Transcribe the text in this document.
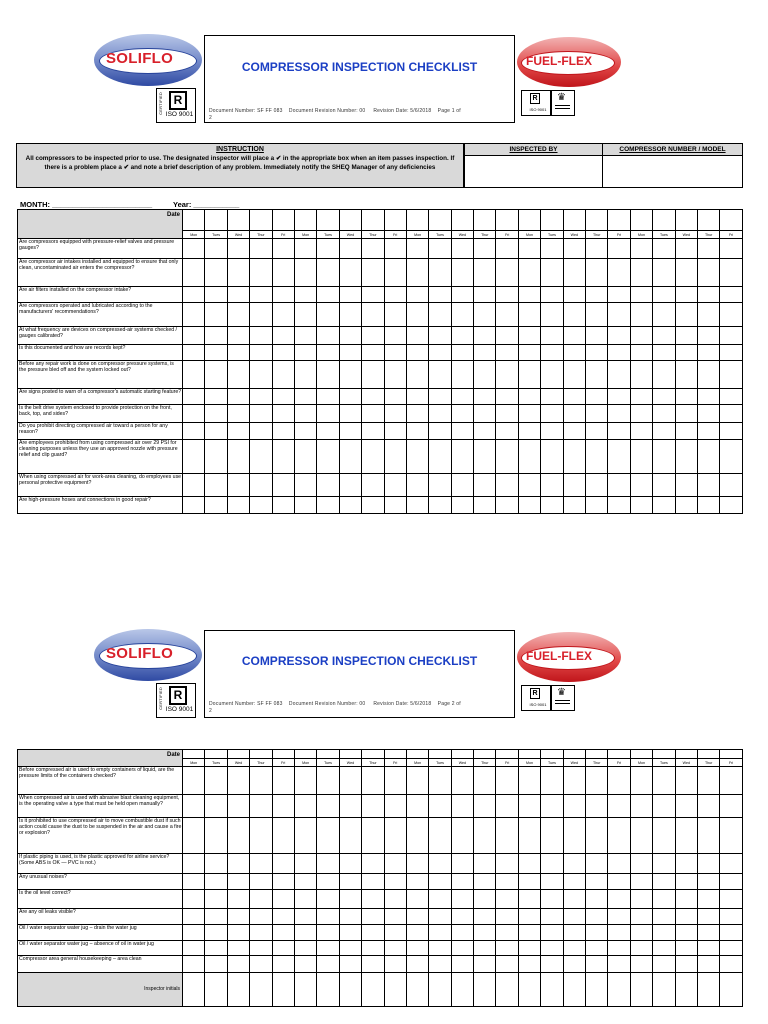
SOLIFLO
CERTIFIED R
ISO 9001
COMPRESSOR INSPECTION CHECKLIST
Document Number: SF FF 083 Document Revision Number: 00 Revision Date: 5/6/2018 Page 1 of
2
FUEL-FLEX
R
ISO 9001
♛
INSTRUCTION
All compressors to be inspected prior to use. The designated inspector will place a ✔ in the appropriate box when an item passes inspection. If there is a problem place a ✔ and note a brief description of any problem. Immediately notify the SHEQ Manager of any deficiencies
INSPECTED BY	COMPRESSOR NUMBER / MODEL
MONTH: ________________________	Year: ___________
Date																									
	Mon	Tues	Wed	Thur	Fri	Mon	Tues	Wed	Thur	Fri	Mon	Tues	Wed	Thur	Fri	Mon	Tues	Wed	Thur	Fri	Mon	Tues	Wed	Thur	Fri
Are compressors equipped with pressure-relief valves and pressure gauges?																									
Are compressor air intakes installed and equipped to ensure that only clean, uncontaminated air enters the compressor?																									
Are air filters installed on the compressor intake?																									
Are compressors operated and lubricated according to the manufacturers' recommendations?																									
At what frequency are devices on compressed-air systems checked / gauges calibrated?																									
Is this documented and how are records kept?																									
Before any repair work is done on compressor pressure systems, is the pressure bled off and the system locked out?																									
Are signs posted to warn of a compressor's automatic starting feature?																									
Is the belt drive system enclosed to provide protection on the front, back, top, and sides?																									
Do you prohibit directing compressed air toward a person for any reason?																									
Are employees prohibited from using compressed air over 29 PSI for cleaning purposes unless they use an approved nozzle with pressure relief and clip guard?																									
When using compressed air for work-area cleaning, do employees use personal protective equipment?																									
Are high-pressure hoses and connections in good repair?																									
SOLIFLO
CERTIFIED R
ISO 9001
COMPRESSOR INSPECTION CHECKLIST
Document Number: SF FF 083 Document Revision Number: 00 Revision Date: 5/6/2018 Page 2 of
2
FUEL-FLEX
R
ISO 9001
♛
Date																									
	Mon	Tues	Wed	Thur	Fri	Mon	Tues	Wed	Thur	Fri	Mon	Tues	Wed	Thur	Fri	Mon	Tues	Wed	Thur	Fri	Mon	Tues	Wed	Thur	Fri
Before compressed air is used to empty containers of liquid, are the pressure limits of the containers checked?																									
When compressed air is used with abrasive blast cleaning equipment, is the operating valve a type that must be held open manually?																									
Is it prohibited to use compressed air to move combustible dust if such action could cause the dust to be suspended in the air and cause a fire or explosion?																									
If plastic piping is used, is the plastic approved for airline service? (Some ABS is OK — PVC is not.)																									
Any unusual noises?																									
Is the oil level correct?																									
Are any oil leaks visible?																									
Oil / water separator water jug – drain the water jug																									
Oil / water separator water jug – absence of oil in water jug																									
Compressor area general housekeeping – area clean																									
Inspector initials																									
